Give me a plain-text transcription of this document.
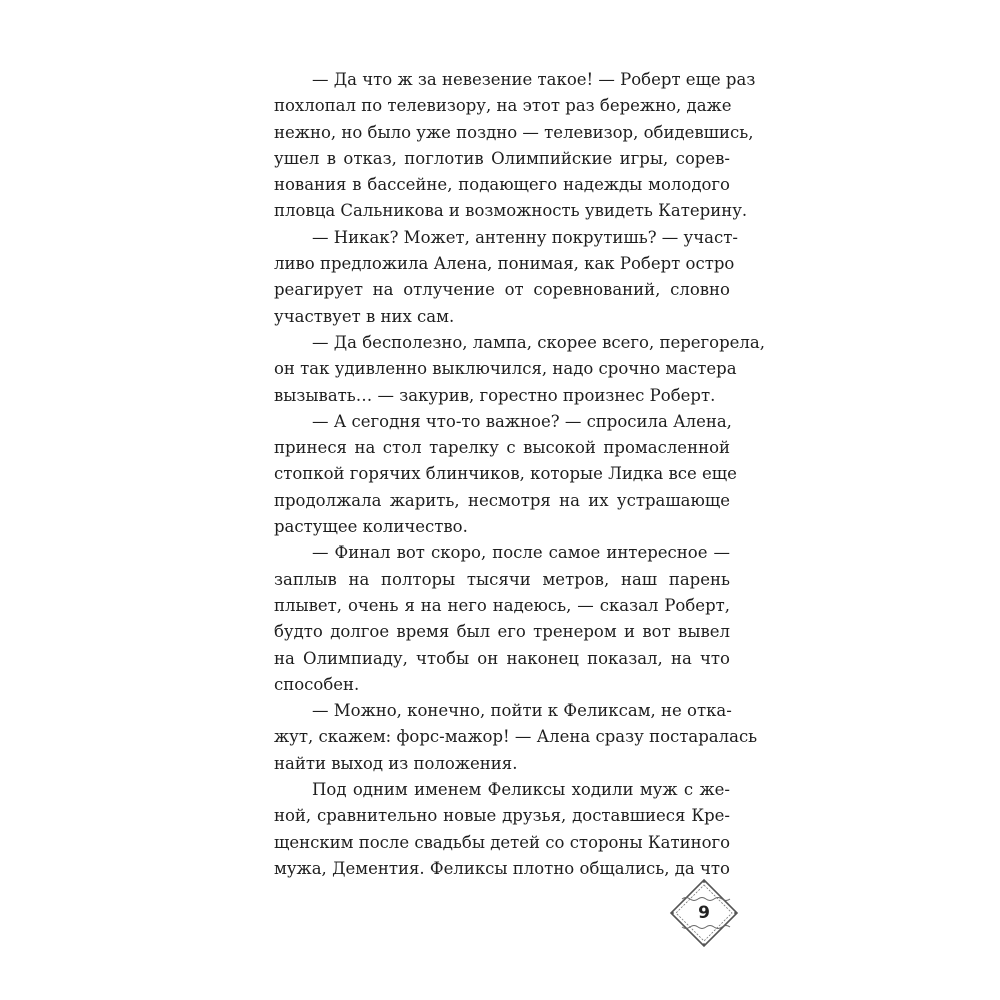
— Да что ж за невезение такое! — Роберт еще раз
похлопал по телевизору, на этот раз бережно, даже
нежно, но было уже поздно — телевизор, обидевшись,
ушел в отказ, поглотив Олимпийские игры, сорев-
нования в бассейне, подающего надежды молодого
пловца Сальникова и возможность увидеть Катерину.

— Никак? Может, антенну покрутишь? — участ-
ливо предложила Алена, понимая, как Роберт остро
реагирует на отлучение от соревнований, словно
участвует в них сам.

— Да бесполезно, лампа, скорее всего, перегорела,
он так удивленно выключился, надо срочно мастера
вызывать… — закурив, горестно произнес Роберт.

— А сегодня что-то важное? — спросила Алена,
принеся на стол тарелку с высокой промасленной
стопкой горячих блинчиков, которые Лидка все еще
продолжала жарить, несмотря на их устрашающе
растущее количество.

— Финал вот скоро, после самое интересное —
заплыв на полторы тысячи метров, наш парень
плывет, очень я на него надеюсь, — сказал Роберт,
будто долгое время был его тренером и вот вывел
на Олимпиаду, чтобы он наконец показал, на что
способен.

— Можно, конечно, пойти к Феликсам, не отка-
жут, скажем: форс-мажор! — Алена сразу постаралась
найти выход из положения.

Под одним именем Феликсы ходили муж с же-
ной, сравнительно новые друзья, доставшиеся Кре-
щенским после свадьбы детей со стороны Катиного
мужа, Дементия. Феликсы плотно общались, да что

9
